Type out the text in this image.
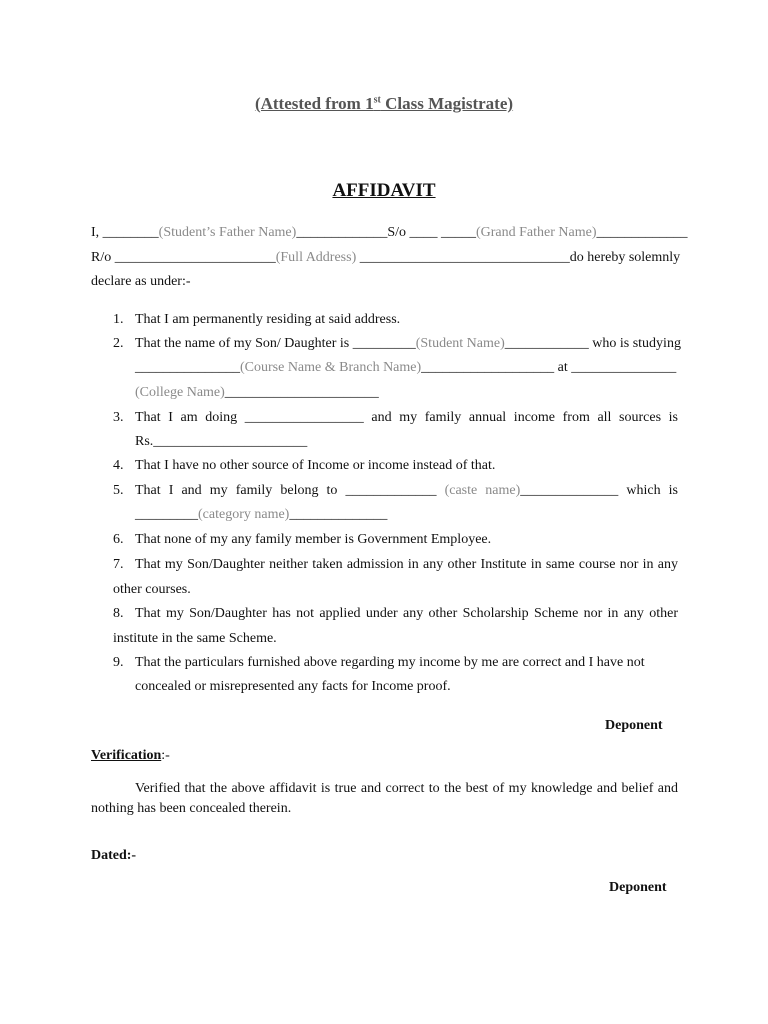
(Attested from 1st Class Magistrate)
AFFIDAVIT
I, ________(Student’s Father Name)_____________S/o ____ _____(Grand Father Name)_____________
R/o _______________________(Full Address) ______________________________do hereby solemnly
declare as under:-
1. That I am permanently residing at said address.
2. That the name of my Son/ Daughter is _________(Student Name)____________ who is studying
_______________(Course Name & Branch Name)___________________ at _______________
(College Name)______________________
3. That I am doing _________________ and my family annual income from all sources is
Rs.______________________
4. That I have no other source of Income or income instead of that.
5. That I and my family belong to _____________ (caste name)______________ which is
_________(category name)______________
6. That none of my any family member is Government Employee.
7. That my Son/Daughter neither taken admission in any other Institute in same course nor in any
other courses.
8. That my Son/Daughter has not applied under any other Scholarship Scheme nor in any other
institute in the same Scheme.
9. That the particulars furnished above regarding my income by me are correct and I have not
concealed or misrepresented any facts for Income proof.
Deponent
Verification:-
Verified that the above affidavit is true and correct to the best of my knowledge and belief and nothing has been concealed therein.
Dated:-
Deponent
